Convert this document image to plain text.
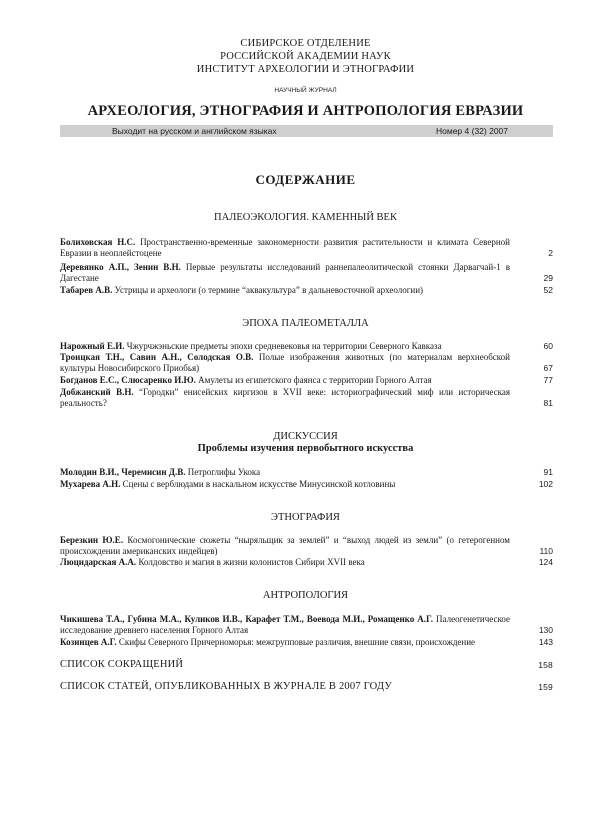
СИБИРСКОЕ ОТДЕЛЕНИЕ
РОССИЙСКОЙ АКАДЕМИИ НАУК
ИНСТИТУТ АРХЕОЛОГИИ И ЭТНОГРАФИИ
НАУЧНЫЙ ЖУРНАЛ
АРХЕОЛОГИЯ, ЭТНОГРАФИЯ И АНТРОПОЛОГИЯ ЕВРАЗИИ
Выходит на русском и английском языках	Номер 4 (32) 2007
СОДЕРЖАНИЕ
ПАЛЕОЭКОЛОГИЯ. КАМЕННЫЙ ВЕК
Болиховская Н.С. Пространственно-временные закономерности развития растительности и климата Северной Евразии в неоплейстоцене	2
Деревянко А.П., Зенин В.Н. Первые результаты исследований раннепалеолитической стоянки Дарвагчай-1 в Дагестане	29
Табарев А.В. Устрицы и археологи (о термине “аквакультура” в дальневосточной археологии)	52
ЭПОХА ПАЛЕОМЕТАЛЛА
Нарожный Е.И. Чжурчжэньские предметы эпохи средневековья на территории Северного Кавказа	60
Троицкая Т.Н., Савин А.Н., Солодская О.В. Полые изображения животных (по материалам верхнеобской культуры Новосибирского Приобья)	67
Богданов Е.С., Слюсаренко И.Ю. Амулеты из египетского фаянса с территории Горного Алтая	77
Добжанский В.Н. “Городки” енисейских киргизов в XVII веке: историографический миф или историческая реальность?	81
ДИСКУССИЯ
Проблемы изучения первобытного искусства
Молодин В.И., Черемисин Д.В. Петроглифы Укока	91
Мухарева А.Н. Сцены с верблюдами в наскальном искусстве Минусинской котловины	102
ЭТНОГРАФИЯ
Березкин Ю.Е. Космогонические сюжеты “ныряльщик за землей” и “выход людей из земли” (о гетерогенном происхождении американских индейцев)	110
Люцидарская А.А. Колдовство и магия в жизни колонистов Сибири XVII века	124
АНТРОПОЛОГИЯ
Чикишева Т.А., Губина М.А., Куликов И.В., Карафет Т.М., Воевода М.И., Ромащенко А.Г. Палеогенетическое исследование древнего населения Горного Алтая	130
Козинцев А.Г. Скифы Северного Причерноморья: межгрупповые различия, внешние связи, происхождение	143
СПИСОК СОКРАЩЕНИЙ	158
СПИСОК СТАТЕЙ, ОПУБЛИКОВАННЫХ В ЖУРНАЛЕ В 2007 ГОДУ	159
